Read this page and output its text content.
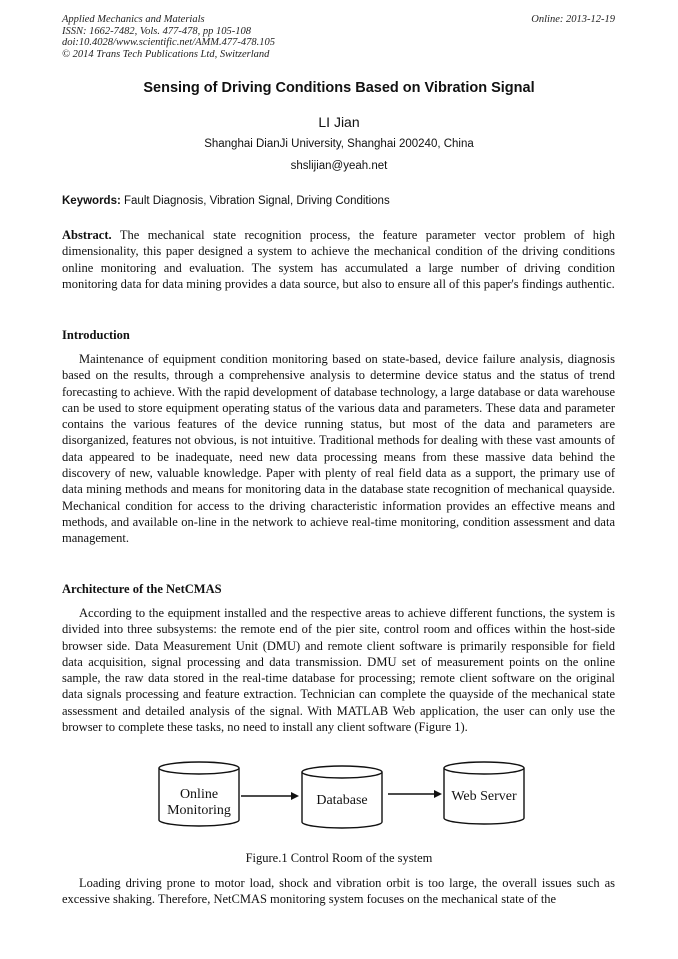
Applied Mechanics and Materials
ISSN: 1662-7482, Vols. 477-478, pp 105-108
doi:10.4028/www.scientific.net/AMM.477-478.105
© 2014 Trans Tech Publications Ltd, Switzerland
Online: 2013-12-19
Sensing of Driving Conditions Based on Vibration Signal
LI Jian
Shanghai DianJi University, Shanghai 200240, China
shslijian@yeah.net
Keywords: Fault Diagnosis, Vibration Signal, Driving Conditions
Abstract. The mechanical state recognition process, the feature parameter vector problem of high dimensionality, this paper designed a system to achieve the mechanical condition of the driving conditions online monitoring and evaluation. The system has accumulated a large number of driving condition monitoring data for data mining provides a data source, but also to ensure all of this paper's findings authentic.
Introduction
Maintenance of equipment condition monitoring based on state-based, device failure analysis, diagnosis based on the results, through a comprehensive analysis to determine device status and the status of trend forecasting to achieve. With the rapid development of database technology, a large database or data warehouse can be used to store equipment operating status of the various data and parameters. These data and parameter contains the various features of the device running status, but most of the data and parameters are disorganized, features not obvious, is not intuitive. Traditional methods for dealing with these vast amounts of data appeared to be inadequate, need new data processing means from these massive data behind the discovery of new, valuable knowledge. Paper with plenty of real field data as a support, the primary use of data mining methods and means for monitoring data in the database state recognition of mechanical quayside. Mechanical condition for access to the driving characteristic information provides an effective means and methods, and available on-line in the network to achieve real-time monitoring, condition assessment and data management.
Architecture of the NetCMAS
According to the equipment installed and the respective areas to achieve different functions, the system is divided into three subsystems: the remote end of the pier site, control room and offices within the host-side browser side. Data Measurement Unit (DMU) and remote client software is primarily responsible for field data acquisition, signal processing and data transmission. DMU set of measurement points on the online sample, the raw data stored in the real-time database for processing; remote client software on the original data signals processing and feature extraction. Technician can complete the quayside of the mechanical state assessment and detailed analysis of the signal. With MATLAB Web application, the user can only use the browser to complete these tasks, no need to install any client software (Figure 1).
Online
Monitoring
Database	Web Server
Figure.1 Control Room of the system
Loading driving prone to motor load, shock and vibration orbit is too large, the overall issues such as excessive shaking. Therefore, NetCMAS monitoring system focuses on the mechanical state of the
